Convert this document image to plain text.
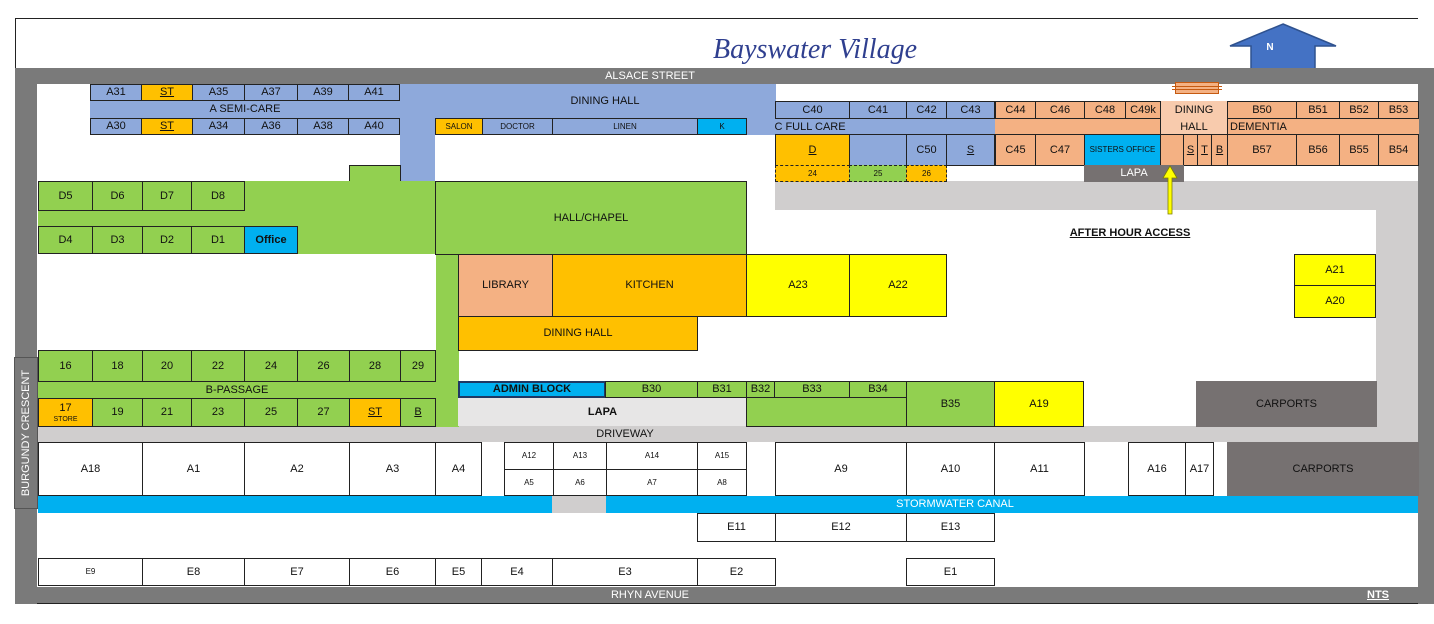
Bayswater Village	N
ALSACE STREET
RHYN AVENUE	NTS
BURGUNDY CRESCENT	DRIVEWAY
STORMWATER CANAL
A31	ST	A35	A37	A39	A41
A SEMI-CARE
DINING HALL
A30	ST	A34	A36	A38	A40	SALON	DOCTOR	LINEN	K
C40	C41	C42	C43
C FULL CARE
D	C50	S
24	25	26
C44	C46	C48	C49k	DINING
HALL
B50	B51	B52	B53
DEMENTIA
C45	C47	SISTERS OFFICE	S T B	B57	B56	B55	B54
LAPA
AFTER HOUR ACCESS
D5	D6	D7	D8
D4	D3	D2	D1	Office
HALL/CHAPEL
LIBRARY	KITCHEN
DINING HALL
A23	A22
A21
A20
16	18	20	22	24	26	28	29
B-PASSAGE
17
STORE
19	21	23	25	27	ST	B
ADMIN BLOCK
LAPA
B30	B31	B32	B33	B34
B35	A19	CARPORTS
A18	A1	A2	A3	A4
A12	A13	A14	A15
A5	A6	A7	A8
A9	A10	A11	A16	A17	CARPORTS
E11	E12	E13
E9	E8	E7	E6	E5	E4	E3	E2	E1
